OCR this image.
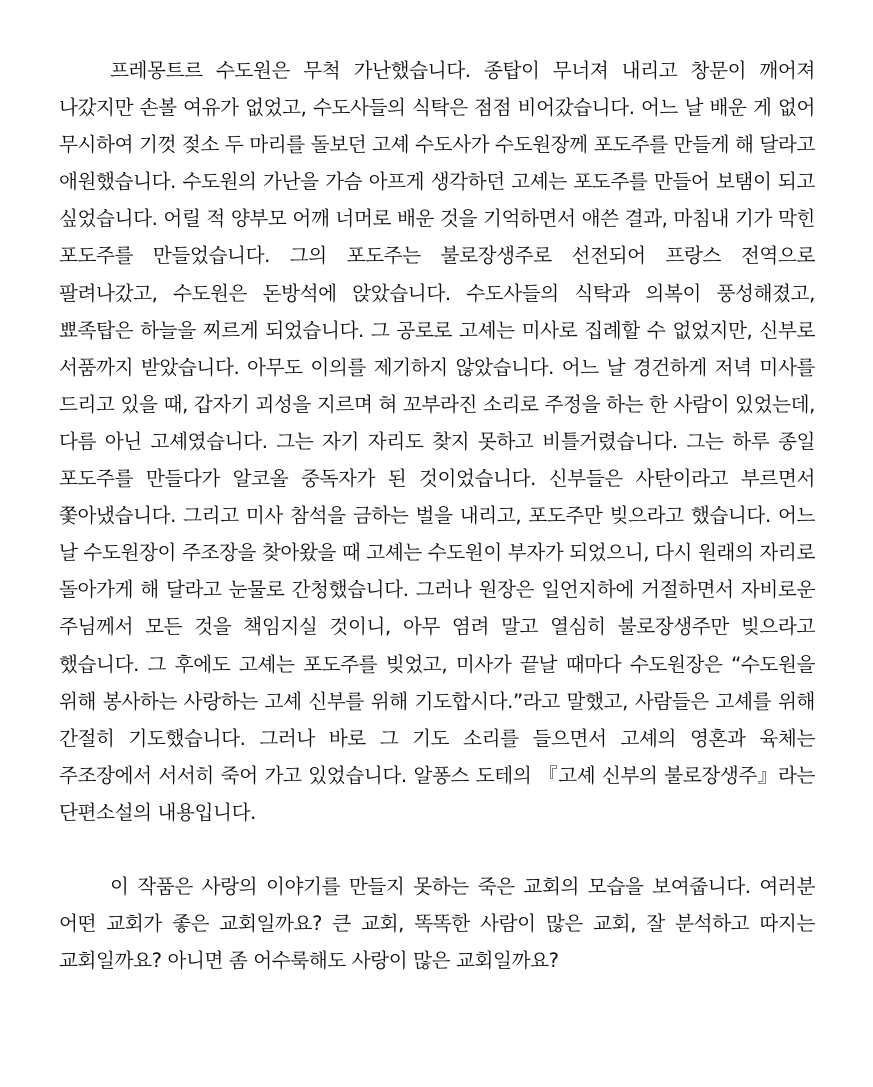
프레몽트르 수도원은 무척 가난했습니다. 종탑이 무너져 내리고 창문이 깨어져 나갔지만 손볼 여유가 없었고, 수도사들의 식탁은 점점 비어갔습니다. 어느 날 배운 게 없어 무시하여 기껏 젖소 두 마리를 돌보던 고셰 수도사가 수도원장께 포도주를 만들게 해 달라고 애원했습니다. 수도원의 가난을 가슴 아프게 생각하던 고셰는 포도주를 만들어 보탬이 되고 싶었습니다. 어릴 적 양부모 어깨 너머로 배운 것을 기억하면서 애쓴 결과, 마침내 기가 막힌 포도주를 만들었습니다. 그의 포도주는 불로장생주로 선전되어 프랑스 전역으로 팔려나갔고, 수도원은 돈방석에 앉았습니다. 수도사들의 식탁과 의복이 풍성해졌고, 뾰족탑은 하늘을 찌르게 되었습니다. 그 공로로 고셰는 미사로 집례할 수 없었지만, 신부로 서품까지 받았습니다. 아무도 이의를 제기하지 않았습니다. 어느 날 경건하게 저녁 미사를 드리고 있을 때, 갑자기 괴성을 지르며 혀 꼬부라진 소리로 주정을 하는 한 사람이 있었는데, 다름 아닌 고셰였습니다. 그는 자기 자리도 찾지 못하고 비틀거렸습니다. 그는 하루 종일 포도주를 만들다가 알코올 중독자가 된 것이었습니다. 신부들은 사탄이라고 부르면서 쫓아냈습니다. 그리고 미사 참석을 금하는 벌을 내리고, 포도주만 빚으라고 했습니다. 어느 날 수도원장이 주조장을 찾아왔을 때 고셰는 수도원이 부자가 되었으니, 다시 원래의 자리로 돌아가게 해 달라고 눈물로 간청했습니다. 그러나 원장은 일언지하에 거절하면서 자비로운 주님께서 모든 것을 책임지실 것이니, 아무 염려 말고 열심히 불로장생주만 빚으라고 했습니다. 그 후에도 고셰는 포도주를 빚었고, 미사가 끝날 때마다 수도원장은 “수도원을 위해 봉사하는 사랑하는 고셰 신부를 위해 기도합시다.”라고 말했고, 사람들은 고셰를 위해 간절히 기도했습니다. 그러나 바로 그 기도 소리를 들으면서 고셰의 영혼과 육체는 주조장에서 서서히 죽어 가고 있었습니다. 알퐁스 도테의 『고셰 신부의 불로장생주』라는 단편소설의 내용입니다.

이 작품은 사랑의 이야기를 만들지 못하는 죽은 교회의 모습을 보여줍니다. 여러분 어떤 교회가 좋은 교회일까요? 큰 교회, 똑똑한 사람이 많은 교회, 잘 분석하고 따지는 교회일까요? 아니면 좀 어수룩해도 사랑이 많은 교회일까요?
